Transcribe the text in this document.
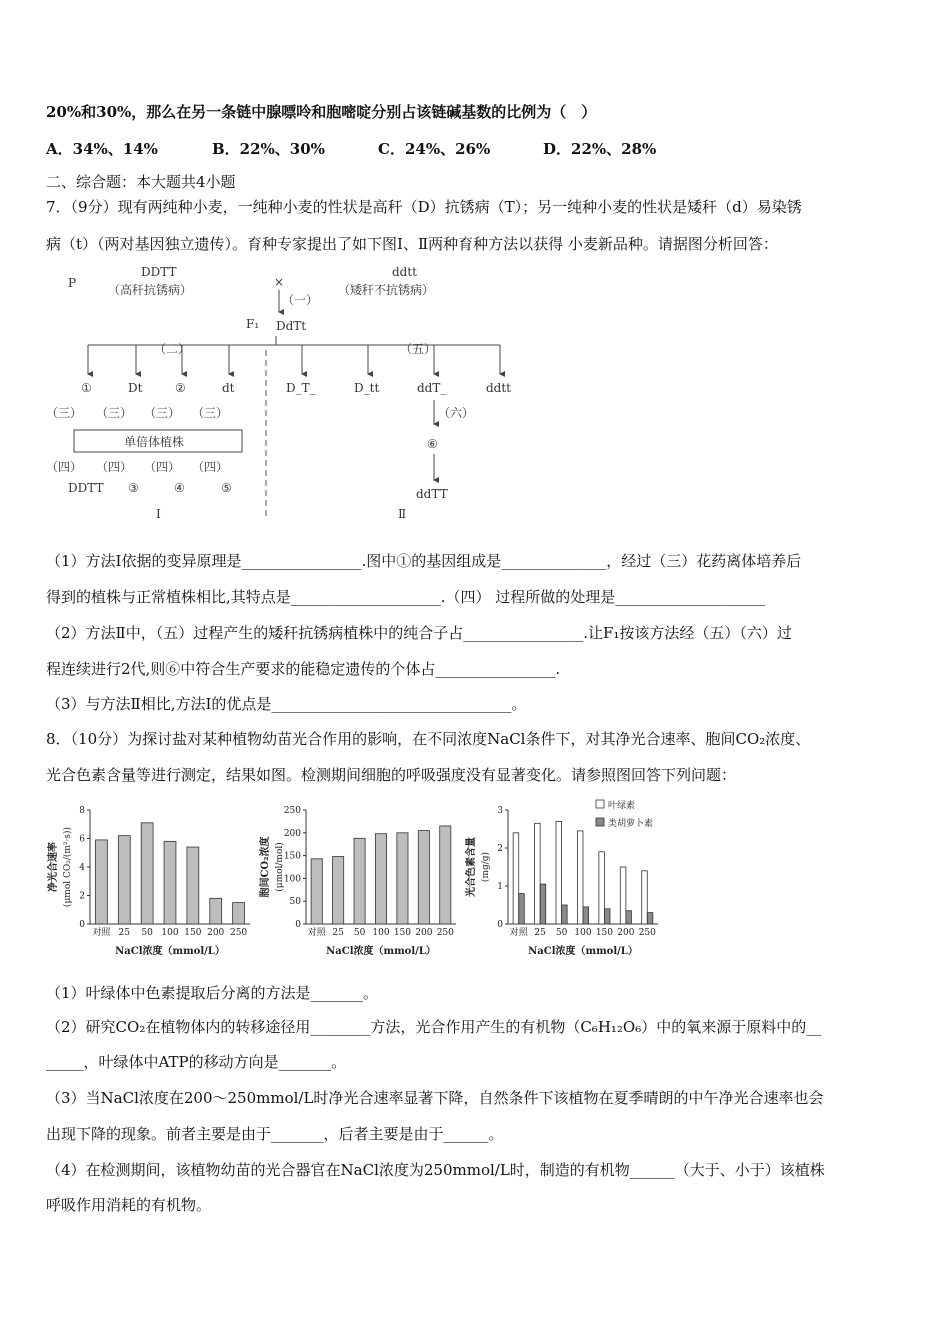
20%和30%，那么在另一条链中腺嘌呤和胞嘧啶分别占该链碱基数的比例为（　）
A．34%、14%	B．22%、30%	C．24%、26%	D．22%、28%
二、综合题：本大题共4小题
7．（9分）现有两纯种小麦，一纯种小麦的性状是高秆（D）抗锈病（T）；另一纯种小麦的性状是矮秆（d）易染锈
病（t）（两对基因独立遗传）。育种专家提出了如下图Ⅰ、Ⅱ两种育种方法以获得 小麦新品种。请据图分析回答：
P
DDTT
（高秆抗锈病）
×
ddtt
（矮秆不抗锈病）
（一）
F₁ DdTt
（二）	（五）
①	Dt	②	dt	D_T_	D_tt	ddT_	ddtt
（三） （三） （三） （三）
单倍体植株
（四） （四） （四） （四）
DDTT ③	④	⑤
Ⅰ
（六）
⑥
ddTT
Ⅱ
（1）方法Ⅰ依据的变异原理是________________.图中①的基因组成是______________，经过（三）花药离体培养后
得到的植株与正常植株相比,其特点是____________________.（四） 过程所做的处理是____________________
（2）方法Ⅱ中，（五）过程产生的矮秆抗锈病植株中的纯合子占________________.让F₁按该方法经（五）（六）过
程连续进行2代,则⑥中符合生产要求的能稳定遗传的个体占________________.
（3）与方法Ⅱ相比,方法Ⅰ的优点是________________________________。
8．（10分）为探讨盐对某种植物幼苗光合作用的影响，在不同浓度NaCl条件下，对其净光合速率、胞间CO₂浓度、
光合色素含量等进行测定，结果如图。检测期间细胞的呼吸强度没有显著变化。请参照图回答下列问题：
0
2
4
6
8
对照 25 50 100 150 200 250
NaCl浓度（mmol/L）
净光合速率 (μmol CO₂/(m²·s))
0
50
100
150
200
250
对照 25 50 100 150 200 250
NaCl浓度（mmol/L）
胞间CO₂浓度 (μmol/mol)
0
1
2
3
对照 25 50 100 150 200 250
NaCl浓度（mmol/L）
光合色素含量 (mg/g)
叶绿素
类胡萝卜素
（1）叶绿体中色素提取后分离的方法是_______。
（2）研究CO₂在植物体内的转移途径用________方法，光合作用产生的有机物（C₆H₁₂O₆）中的氧来源于原料中的__
_____，叶绿体中ATP的移动方向是_______。
（3）当NaCl浓度在200～250mmol/L时净光合速率显著下降，自然条件下该植物在夏季晴朗的中午净光合速率也会
出现下降的现象。前者主要是由于_______，后者主要是由于______。
（4）在检测期间，该植物幼苗的光合器官在NaCl浓度为250mmol/L时，制造的有机物______（大于、小于）该植株
呼吸作用消耗的有机物。
